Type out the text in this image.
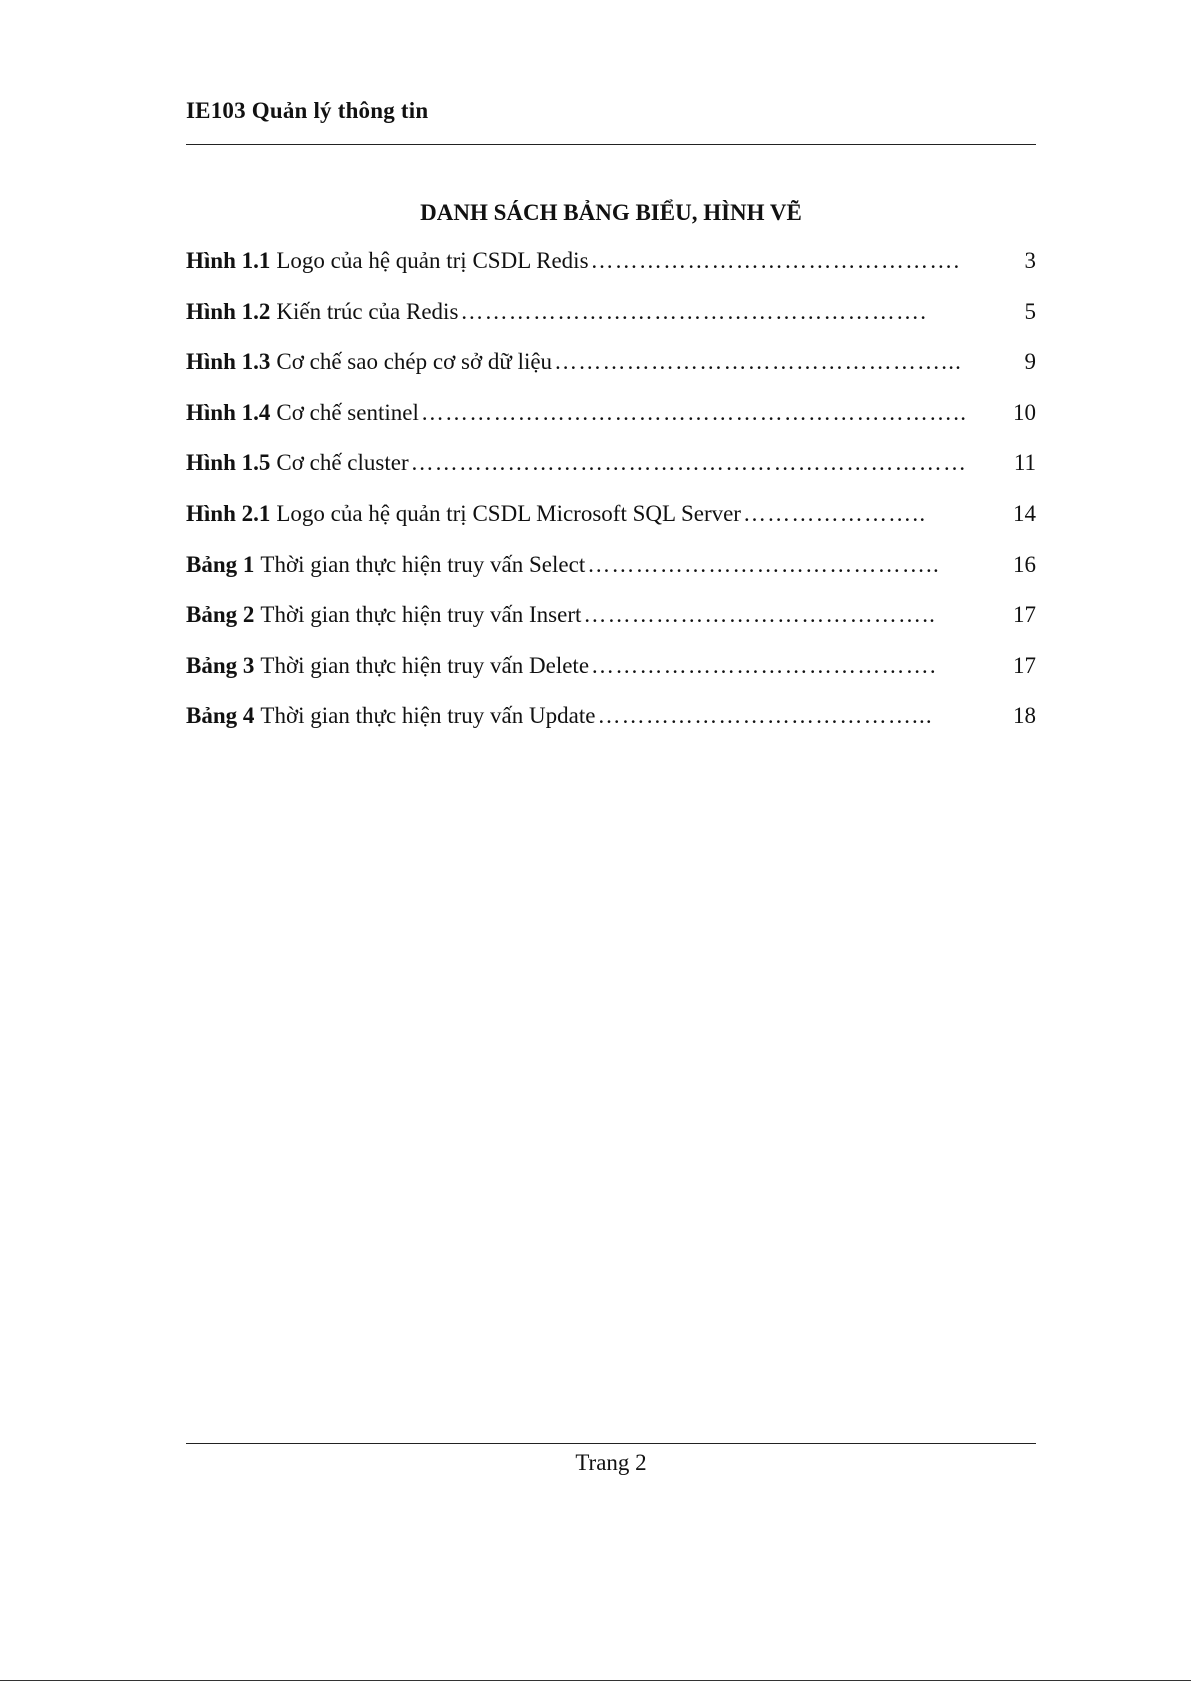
IE103 Quản lý thông tin
DANH SÁCH BẢNG BIỂU, HÌNH VẼ
Hình 1.1 Logo của hệ quản trị CSDL Redis ……………………………………….	3
Hình 1.2 Kiến trúc của Redis ………………………………………………….	5
Hình 1.3 Cơ chế sao chép cơ sở dữ liệu …………………………………………...	9
Hình 1.4 Cơ chế sentinel …………………………………………………………..	10
Hình 1.5 Cơ chế cluster ……………………………………………………………	11
Hình 2.1 Logo của hệ quản trị CSDL Microsoft SQL Server …………………..	14
Bảng 1 Thời gian thực hiện truy vấn Select ……………………………………..	16
Bảng 2 Thời gian thực hiện truy vấn Insert ……………………………………..	17
Bảng 3 Thời gian thực hiện truy vấn Delete …………………………………….	17
Bảng 4 Thời gian thực hiện truy vấn Update …………………………………...	18
Trang 2
